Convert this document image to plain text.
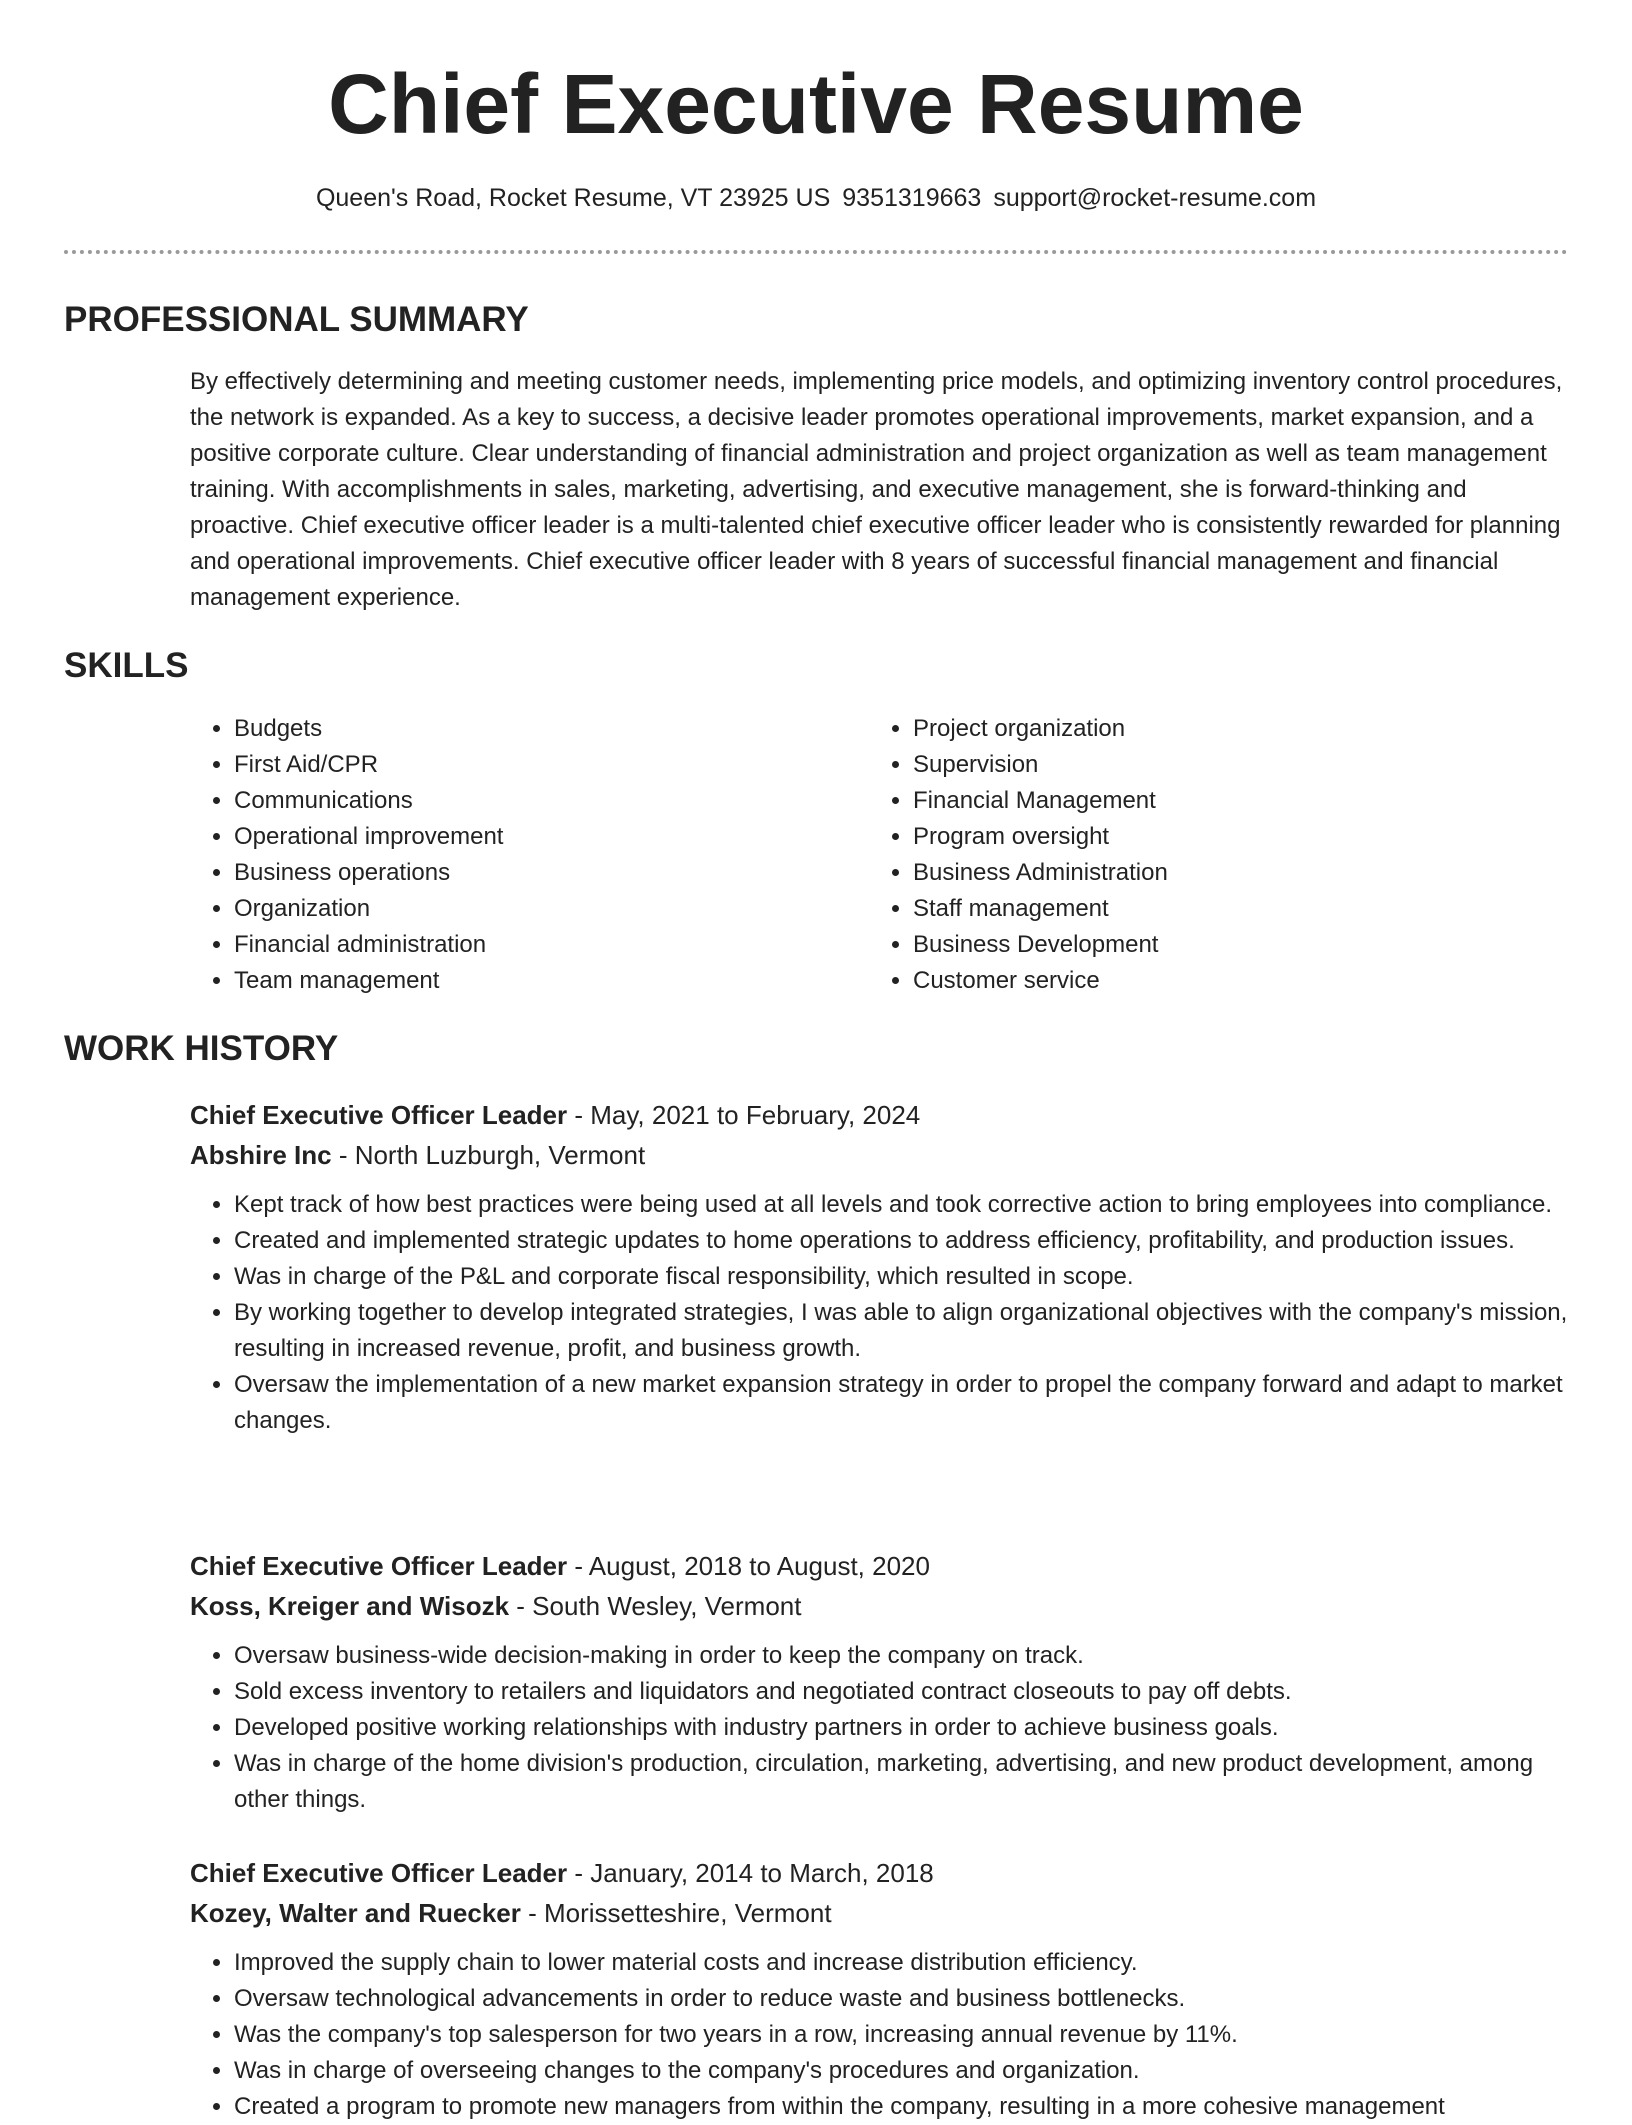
Chief Executive Resume
Queen's Road, Rocket Resume, VT 23925 US 9351319663 support@rocket-resume.com
PROFESSIONAL SUMMARY

By effectively determining and meeting customer needs, implementing price models, and optimizing inventory control procedures, the network is expanded. As a key to success, a decisive leader promotes operational improvements, market expansion, and a positive corporate culture. Clear understanding of financial administration and project organization as well as team management training. With accomplishments in sales, marketing, advertising, and executive management, she is forward-thinking and proactive. Chief executive officer leader is a multi-talented chief executive officer leader who is consistently rewarded for planning and operational improvements. Chief executive officer leader with 8 years of successful financial management and financial management experience.

SKILLS
• Budgets
• First Aid/CPR
• Communications
• Operational improvement
• Business operations
• Organization
• Financial administration
• Team management
• Project organization
• Supervision
• Financial Management
• Program oversight
• Business Administration
• Staff management
• Business Development
• Customer service
WORK HISTORY
Chief Executive Officer Leader - May, 2021 to February, 2024
Abshire Inc - North Luzburgh, Vermont
• Kept track of how best practices were being used at all levels and took corrective action to bring employees into compliance.
• Created and implemented strategic updates to home operations to address efficiency, profitability, and production issues.
• Was in charge of the P&L and corporate fiscal responsibility, which resulted in scope.
• By working together to develop integrated strategies, I was able to align organizational objectives with the company's mission, resulting in increased revenue, profit, and business growth.
• Oversaw the implementation of a new market expansion strategy in order to propel the company forward and adapt to market changes.
Chief Executive Officer Leader - August, 2018 to August, 2020
Koss, Kreiger and Wisozk - South Wesley, Vermont
• Oversaw business-wide decision-making in order to keep the company on track.
• Sold excess inventory to retailers and liquidators and negotiated contract closeouts to pay off debts.
• Developed positive working relationships with industry partners in order to achieve business goals.
• Was in charge of the home division's production, circulation, marketing, advertising, and new product development, among other things.
Chief Executive Officer Leader - January, 2014 to March, 2018
Kozey, Walter and Ruecker - Morissetteshire, Vermont
• Improved the supply chain to lower material costs and increase distribution efficiency.
• Oversaw technological advancements in order to reduce waste and business bottlenecks.
• Was the company's top salesperson for two years in a row, increasing annual revenue by 11%.
• Was in charge of overseeing changes to the company's procedures and organization.
• Created a program to promote new managers from within the company, resulting in a more cohesive management
